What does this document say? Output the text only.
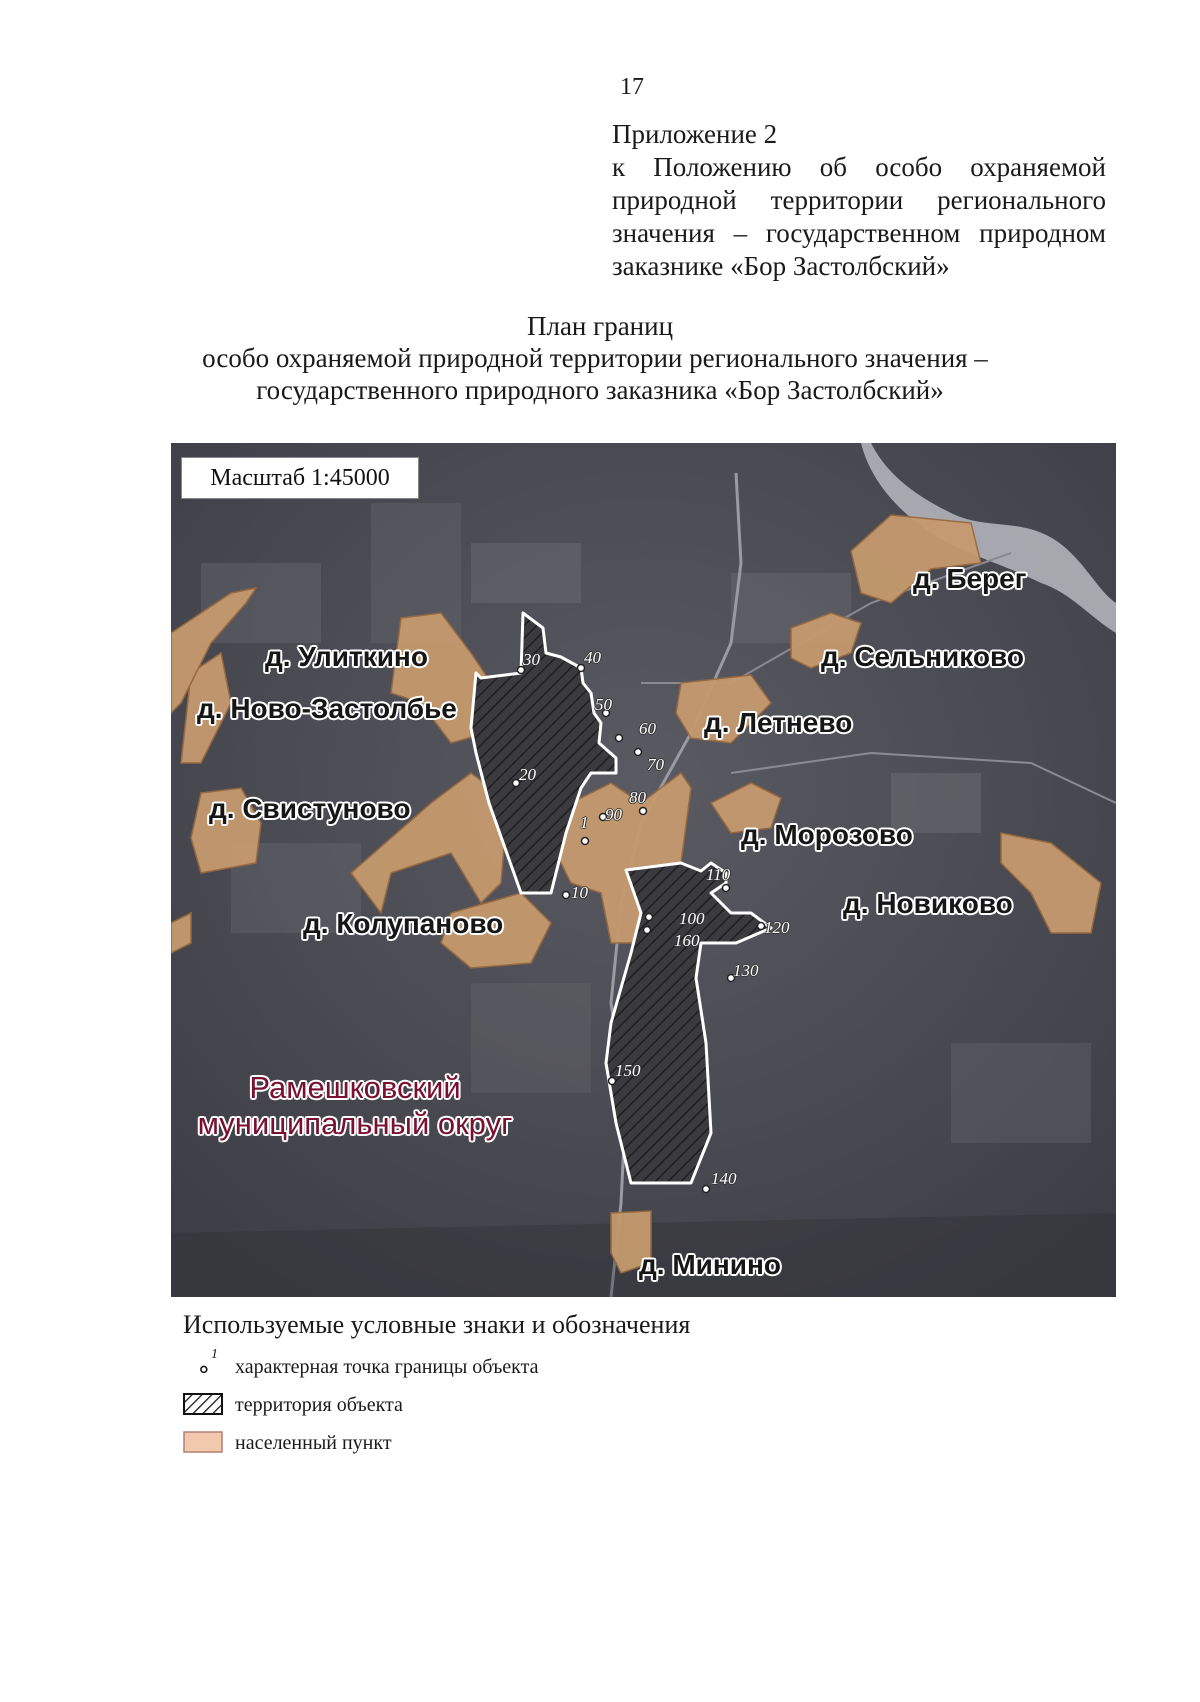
17
Приложение 2
к Положению об особо охраняемой
природной территории регионального
значения – государственном природном
заказнике «Бор Застолбский»
План границ
особо охраняемой природной территории регионального значения –
государственного природного заказника «Бор Застолбский»
Масштаб 1:45000
д. Берег
д. Улиткино	д. Сельниково
д. Ново-Застолбье	д. Летнево
д. Свистуново
д. Морозово
д. Новиково
д. Колупаново
д. Минино
Рамешковский
муниципальный округ
1
10
20
30	40
50
60
70
80
90
100
110
120
130
140
150
160
Используемые условные знаки и обозначения
1
характерная точка границы объекта
территория объекта
населенный пункт
